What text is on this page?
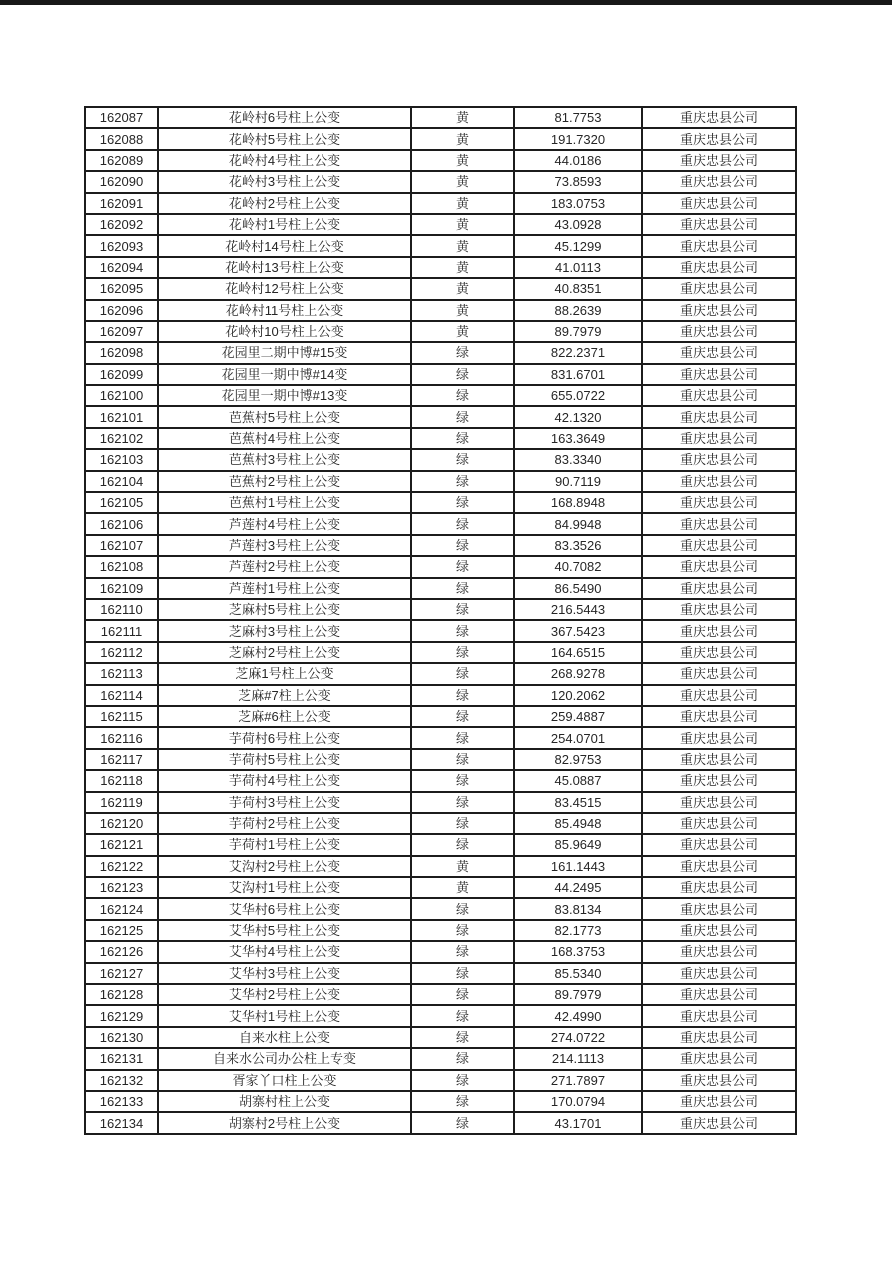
162087	花岭村6号柱上公变	黄	81.7753	重庆忠县公司
162088	花岭村5号柱上公变	黄	191.7320	重庆忠县公司
162089	花岭村4号柱上公变	黄	44.0186	重庆忠县公司
162090	花岭村3号柱上公变	黄	73.8593	重庆忠县公司
162091	花岭村2号柱上公变	黄	183.0753	重庆忠县公司
162092	花岭村1号柱上公变	黄	43.0928	重庆忠县公司
162093	花岭村14号柱上公变	黄	45.1299	重庆忠县公司
162094	花岭村13号柱上公变	黄	41.0113	重庆忠县公司
162095	花岭村12号柱上公变	黄	40.8351	重庆忠县公司
162096	花岭村11号柱上公变	黄	88.2639	重庆忠县公司
162097	花岭村10号柱上公变	黄	89.7979	重庆忠县公司
162098	花园里二期中博#15变	绿	822.2371	重庆忠县公司
162099	花园里一期中博#14变	绿	831.6701	重庆忠县公司
162100	花园里一期中博#13变	绿	655.0722	重庆忠县公司
162101	芭蕉村5号柱上公变	绿	42.1320	重庆忠县公司
162102	芭蕉村4号柱上公变	绿	163.3649	重庆忠县公司
162103	芭蕉村3号柱上公变	绿	83.3340	重庆忠县公司
162104	芭蕉村2号柱上公变	绿	90.7119	重庆忠县公司
162105	芭蕉村1号柱上公变	绿	168.8948	重庆忠县公司
162106	芦莲村4号柱上公变	绿	84.9948	重庆忠县公司
162107	芦莲村3号柱上公变	绿	83.3526	重庆忠县公司
162108	芦莲村2号柱上公变	绿	40.7082	重庆忠县公司
162109	芦莲村1号柱上公变	绿	86.5490	重庆忠县公司
162110	芝麻村5号柱上公变	绿	216.5443	重庆忠县公司
162111	芝麻村3号柱上公变	绿	367.5423	重庆忠县公司
162112	芝麻村2号柱上公变	绿	164.6515	重庆忠县公司
162113	芝麻1号柱上公变	绿	268.9278	重庆忠县公司
162114	芝麻#7柱上公变	绿	120.2062	重庆忠县公司
162115	芝麻#6柱上公变	绿	259.4887	重庆忠县公司
162116	芋荷村6号柱上公变	绿	254.0701	重庆忠县公司
162117	芋荷村5号柱上公变	绿	82.9753	重庆忠县公司
162118	芋荷村4号柱上公变	绿	45.0887	重庆忠县公司
162119	芋荷村3号柱上公变	绿	83.4515	重庆忠县公司
162120	芋荷村2号柱上公变	绿	85.4948	重庆忠县公司
162121	芋荷村1号柱上公变	绿	85.9649	重庆忠县公司
162122	艾沟村2号柱上公变	黄	161.1443	重庆忠县公司
162123	艾沟村1号柱上公变	黄	44.2495	重庆忠县公司
162124	艾华村6号柱上公变	绿	83.8134	重庆忠县公司
162125	艾华村5号柱上公变	绿	82.1773	重庆忠县公司
162126	艾华村4号柱上公变	绿	168.3753	重庆忠县公司
162127	艾华村3号柱上公变	绿	85.5340	重庆忠县公司
162128	艾华村2号柱上公变	绿	89.7979	重庆忠县公司
162129	艾华村1号柱上公变	绿	42.4990	重庆忠县公司
162130	自来水柱上公变	绿	274.0722	重庆忠县公司
162131	自来水公司办公柱上专变	绿	214.1113	重庆忠县公司
162132	胥家丫口柱上公变	绿	271.7897	重庆忠县公司
162133	胡寨村柱上公变	绿	170.0794	重庆忠县公司
162134	胡寨村2号柱上公变	绿	43.1701	重庆忠县公司
